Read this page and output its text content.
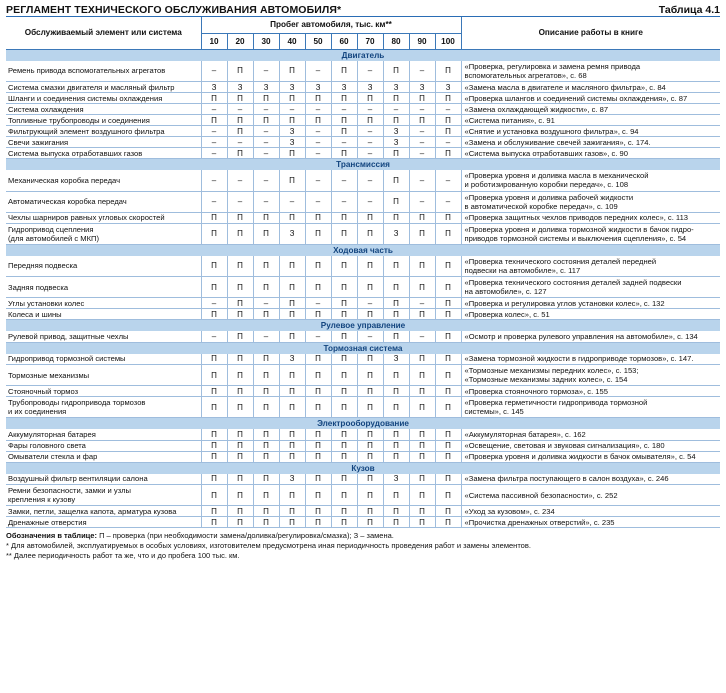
РЕГЛАМЕНТ ТЕХНИЧЕСКОГО ОБСЛУЖИВАНИЯ АВТОМОБИЛЯ*	Таблица 4.1
Обслуживаемый элемент или система	Пробег автомобиля, тыс. км**										Описание работы в книге
	10	20	30	40	50	60	70	80	90	100	
Двигатель											

Ремень привода вспомогательных агрегатов	–	П	–	П	–	П	–	П	–	П	«Проверка, регулировка и замена ремня привода
вспомогательных агрегатов», с. 68

Система смазки двигателя и масляный фильтр	З	З	З	З	З	З	З	З	З	З	«Замена масла в двигателе и масляного фильтра», с. 84

Шланги и соединения системы охлаждения	П	П	П	П	П	П	П	П	П	П	«Проверка шлангов и соединений системы охлаждения», с. 87

Система охлаждения	–	–	–	–	–	–	–	–	–	–	«Замена охлаждающей жидкости», с. 87

Топливные трубопроводы и соединения	П	П	П	П	П	П	П	П	П	П	«Система питания», с. 91

Фильтрующий элемент воздушного фильтра	–	П	–	З	–	П	–	З	–	П	«Снятие и установка воздушного фильтра», с. 94

Свечи зажигания	–	–	–	З	–	–	–	З	–	–	«Замена и обслуживание свечей зажигания», с. 174.

Система выпуска отработавших газов	–	П	–	П	–	П	–	П	–	П	«Система выпуска отработавших газов», с. 90

Трансмиссия											

Механическая коробка передач	–	–	–	П	–	–	–	П	–	–	«Проверка уровня и доливка масла в механической
и роботизированную коробки передач», с. 108

Автоматическая коробка передач	–	–	–	–	–	–	–	П	–	–	«Проверка уровня и доливка рабочей жидкости
в автоматической коробке передач», с. 109

Чехлы шарниров равных угловых скоростей	П	П	П	П	П	П	П	П	П	П	«Проверка защитных чехлов приводов передних колес», с. 113

Гидропривод сцепления
(для автомобилей с МКП)	П	П	П	З	П	П	П	З	П	П	«Проверка уровня и доливка тормозной жидкости в бачок гидро-
приводов тормозной системы и выключения сцепления», с. 54

Ходовая часть											

Передняя подвеска	П	П	П	П	П	П	П	П	П	П	«Проверка технического состояния деталей передней
подвески на автомобиле», с. 117

Задняя подвеска	П	П	П	П	П	П	П	П	П	П	«Проверка технического состояния деталей задней подвески
на автомобиле», с. 127

Углы установки колес	–	П	–	П	–	П	–	П	–	П	«Проверка и регулировка углов установки колес», с. 132

Колеса и шины	П	П	П	П	П	П	П	П	П	П	«Проверка колес», с. 51

Рулевое управление											

Рулевой привод, защитные чехлы	–	П	–	П	–	П	–	П	–	П	«Осмотр и проверка рулевого управления на автомобиле», с. 134

Тормозная система											

Гидропривод тормозной системы	П	П	П	З	П	П	П	З	П	П	«Замена тормозной жидкости в гидроприводе тормозов», с. 147.

Тормозные механизмы	П	П	П	П	П	П	П	П	П	П	«Тормозные механизмы передних колес», с. 153;
«Тормозные механизмы задних колес», с. 154

Стояночный тормоз	П	П	П	П	П	П	П	П	П	П	«Проверка стояночного тормоза», с. 155

Трубопроводы гидропривода тормозов
и их соединения	П	П	П	П	П	П	П	П	П	П	«Проверка герметичности гидропривода тормозной
системы», с. 145

Электрооборудование											

Аккумуляторная батарея	П	П	П	П	П	П	П	П	П	П	«Аккумуляторная батарея», с. 162

Фары головного света	П	П	П	П	П	П	П	П	П	П	«Освещение, световая и звуковая сигнализация», с. 180

Омыватели стекла и фар	П	П	П	П	П	П	П	П	П	П	«Проверка уровня и доливка жидкости в бачок омывателя», с. 54

Кузов											

Воздушный фильтр вентиляции салона	П	П	П	З	П	П	П	З	П	П	«Замена фильтра поступающего в салон воздуха», с. 246

Ремни безопасности, замки и узлы
крепления к кузову	П	П	П	П	П	П	П	П	П	П	«Система пассивной безопасности», с. 252

Замки, петли, защелка капота, арматура кузова	П	П	П	П	П	П	П	П	П	П	«Уход за кузовом», с. 234

Дренажные отверстия	П	П	П	П	П	П	П	П	П	П	«Прочистка дренажных отверстий», с. 235
Обозначения в таблице: П – проверка (при необходимости замена/доливка/регулировка/смазка); З – замена.
* Для автомобилей, эксплуатируемых в особых условиях, изготовителем предусмотрена иная периодичность проведения работ и замены элементов.
** Далее периодичность работ та же, что и до пробега 100 тыс. км.
